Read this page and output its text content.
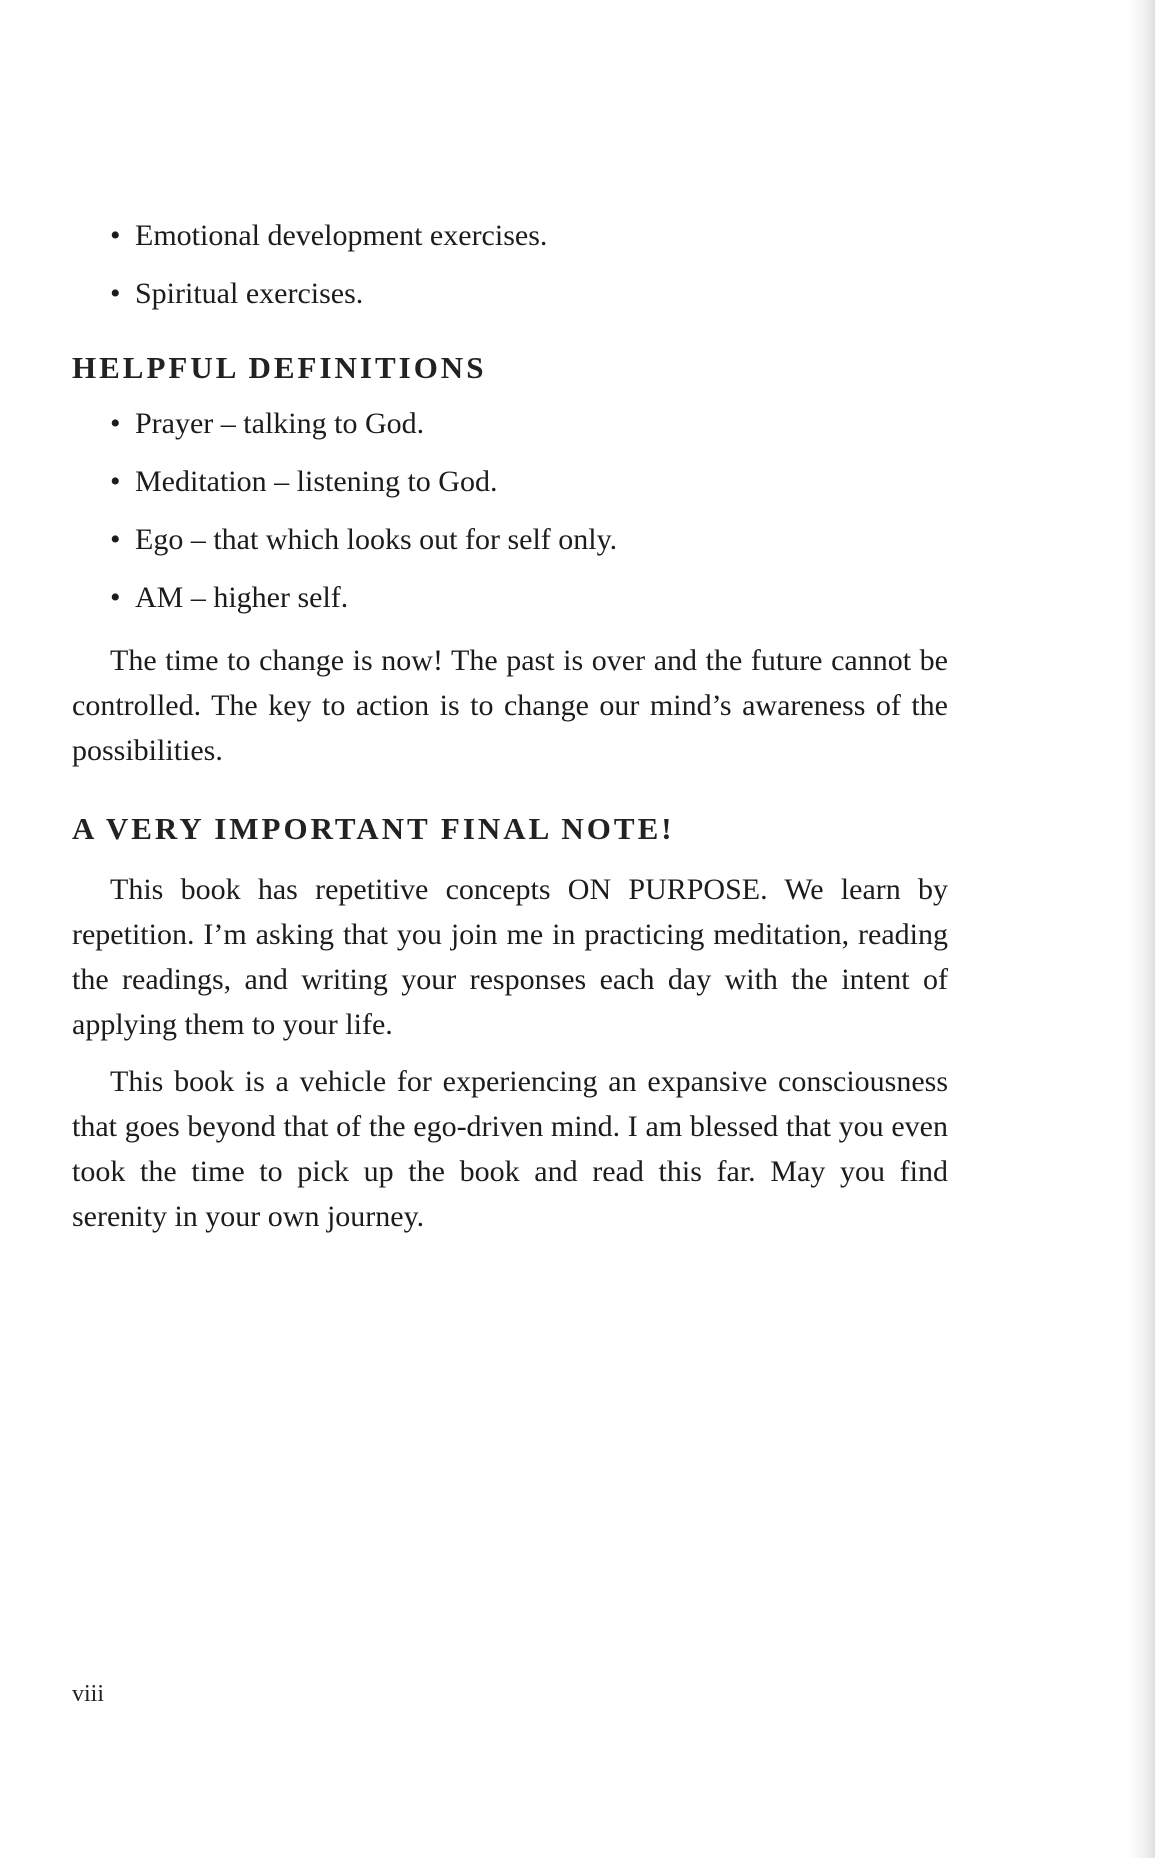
• Emotional development exercises.
• Spiritual exercises.
HELPFUL DEFINITIONS
• Prayer – talking to God.
• Meditation – listening to God.
• Ego – that which looks out for self only.
• AM – higher self.

The time to change is now! The past is over and the future cannot be controlled. The key to action is to change our mind’s awareness of the possibilities.

A VERY IMPORTANT FINAL NOTE!

This book has repetitive concepts ON PURPOSE. We learn by repetition. I’m asking that you join me in practicing meditation, reading the readings, and writing your responses each day with the intent of applying them to your life.

This book is a vehicle for experiencing an expansive consciousness that goes beyond that of the ego-driven mind. I am blessed that you even took the time to pick up the book and read this far. May you find serenity in your own journey.

viii
